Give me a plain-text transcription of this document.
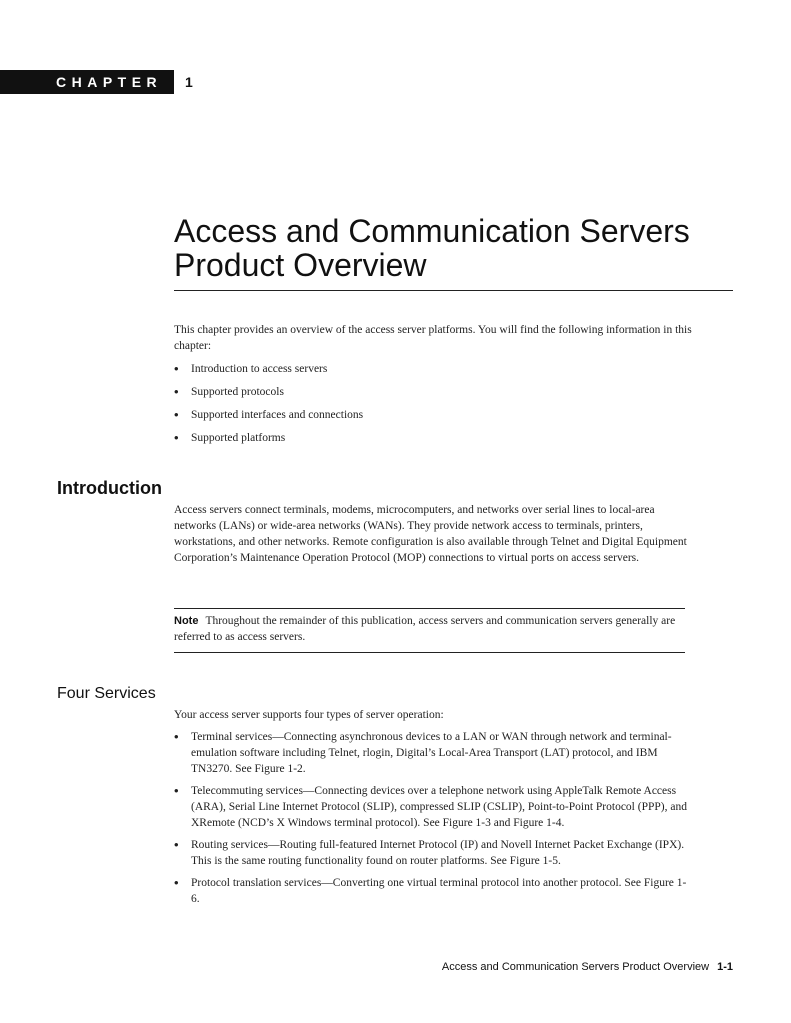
CHAPTER	1
Access and Communication Servers
Product Overview

This chapter provides an overview of the access server platforms. You will find the following information in this chapter:

• Introduction to access servers
• Supported protocols
• Supported interfaces and connections
• Supported platforms
Introduction

Access servers connect terminals, modems, microcomputers, and networks over serial lines to local-area networks (LANs) or wide-area networks (WANs). They provide network access to terminals, printers, workstations, and other networks. Remote configuration is also available through Telnet and Digital Equipment Corporation’s Maintenance Operation Protocol (MOP) connections to virtual ports on access servers.

Note Throughout the remainder of this publication, access servers and communication servers generally are referred to as access servers.

Four Services

Your access server supports four types of server operation:

• Terminal services—Connecting asynchronous devices to a LAN or WAN through network and terminal-emulation software including Telnet, rlogin, Digital’s Local-Area Transport (LAT) protocol, and IBM TN3270. See Figure 1-2.
• Telecommuting services—Connecting devices over a telephone network using AppleTalk Remote Access (ARA), Serial Line Internet Protocol (SLIP), compressed SLIP (CSLIP), Point-to-Point Protocol (PPP), and XRemote (NCD’s X Windows terminal protocol). See Figure 1-3 and Figure 1-4.
• Routing services—Routing full-featured Internet Protocol (IP) and Novell Internet Packet Exchange (IPX). This is the same routing functionality found on router platforms. See Figure 1-5.
• Protocol translation services—Converting one virtual terminal protocol into another protocol. See Figure 1-6.
Access and Communication Servers Product Overview 1-1
